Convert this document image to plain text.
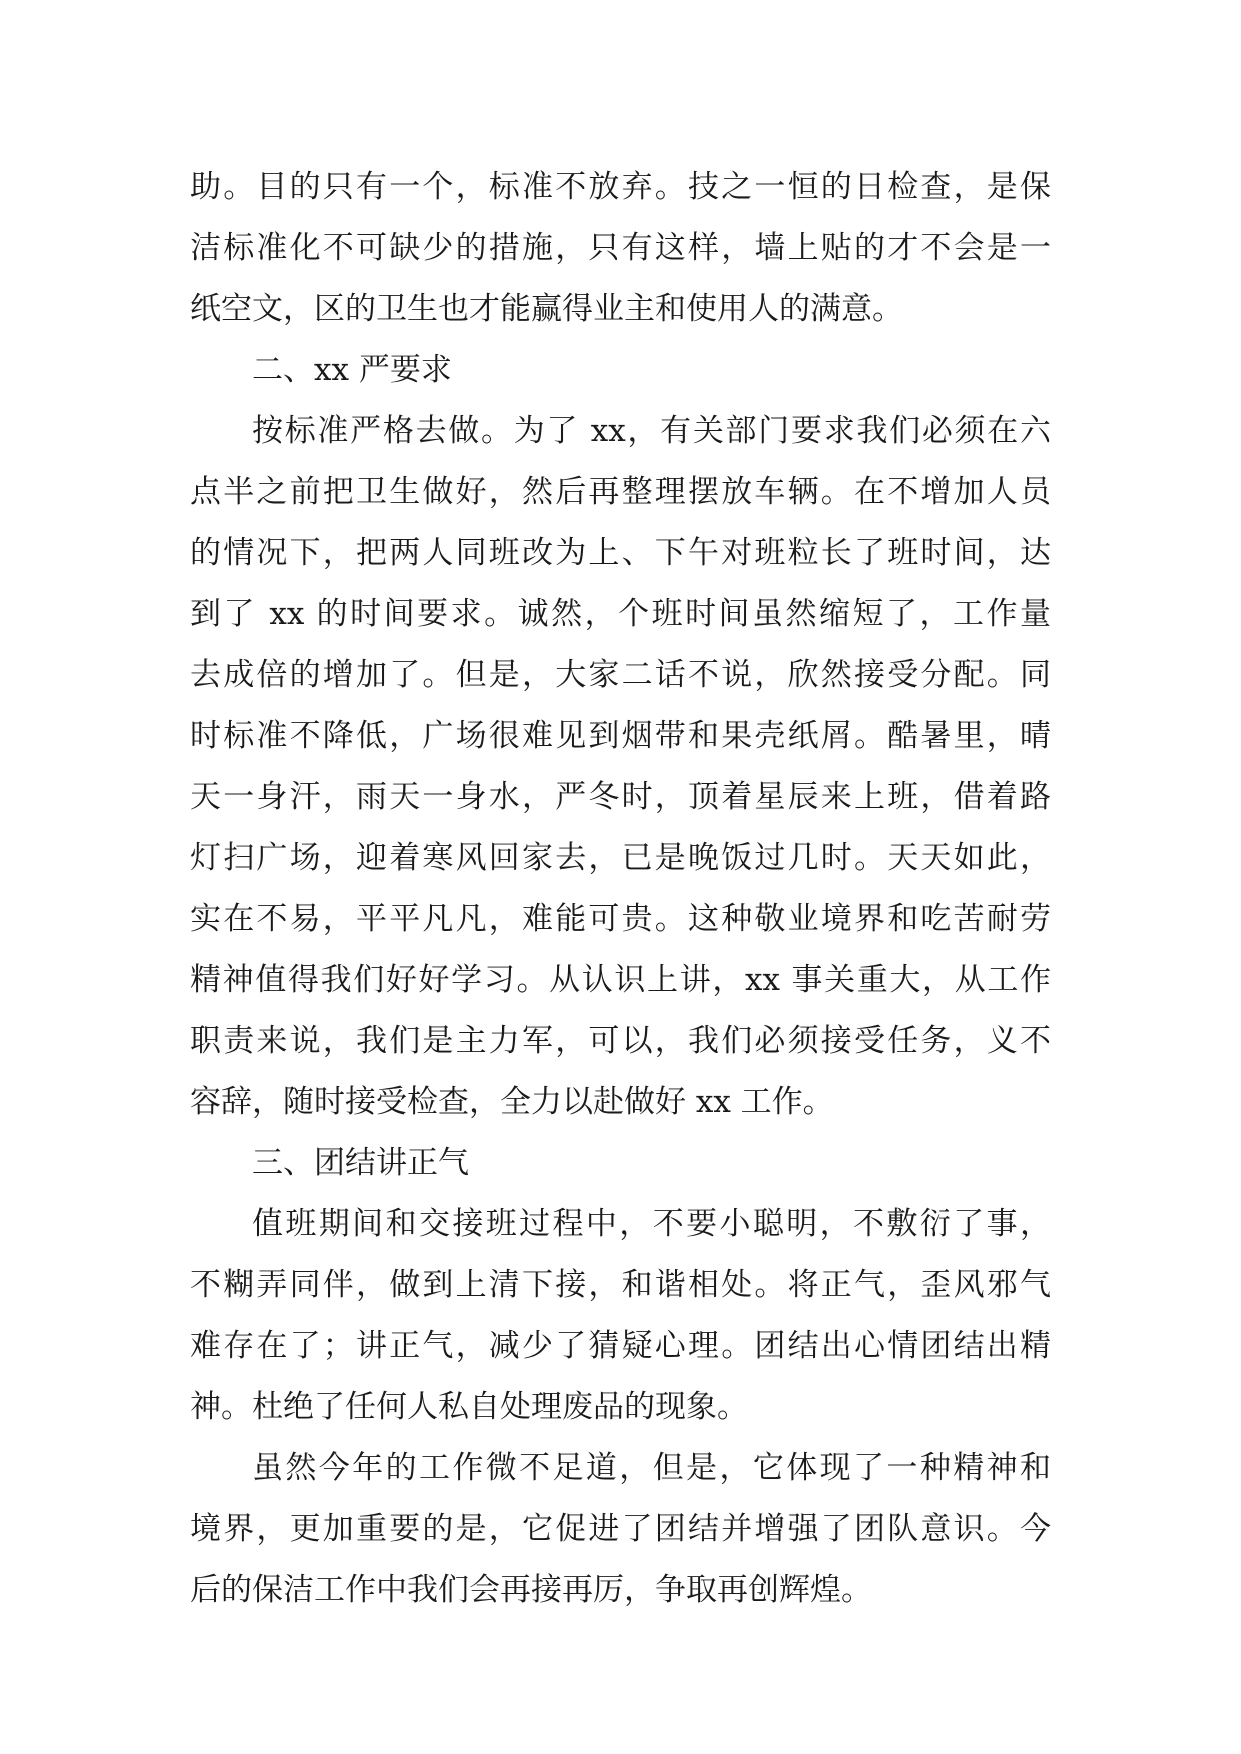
助。目的只有一个，标准不放弃。技之一恒的日检查，是保
洁标准化不可缺少的措施，只有这样，墙上贴的才不会是一
纸空文，区的卫生也才能赢得业主和使用人的满意。
二、xx 严要求
按标准严格去做。为了 xx，有关部门要求我们必须在六
点半之前把卫生做好，然后再整理摆放车辆。在不增加人员
的情况下，把两人同班改为上、下午对班粒长了班时间，达
到了 xx 的时间要求。诚然，个班时间虽然缩短了，工作量
去成倍的增加了。但是，大家二话不说，欣然接受分配。同
时标准不降低，广场很难见到烟带和果壳纸屑。酷暑里，晴
天一身汗，雨天一身水，严冬时，顶着星辰来上班，借着路
灯扫广场，迎着寒风回家去，已是晚饭过几时。天天如此，
实在不易，平平凡凡，难能可贵。这种敬业境界和吃苦耐劳
精神值得我们好好学习。从认识上讲，xx 事关重大，从工作
职责来说，我们是主力军，可以，我们必须接受任务，义不
容辞，随时接受检查，全力以赴做好 xx 工作。
三、团结讲正气
值班期间和交接班过程中，不要小聪明，不敷衍了事，
不糊弄同伴，做到上清下接，和谐相处。将正气，歪风邪气
难存在了；讲正气，减少了猜疑心理。团结出心情团结出精
神。杜绝了任何人私自处理废品的现象。
虽然今年的工作微不足道，但是，它体现了一种精神和
境界，更加重要的是，它促进了团结并增强了团队意识。今
后的保洁工作中我们会再接再厉，争取再创辉煌。
